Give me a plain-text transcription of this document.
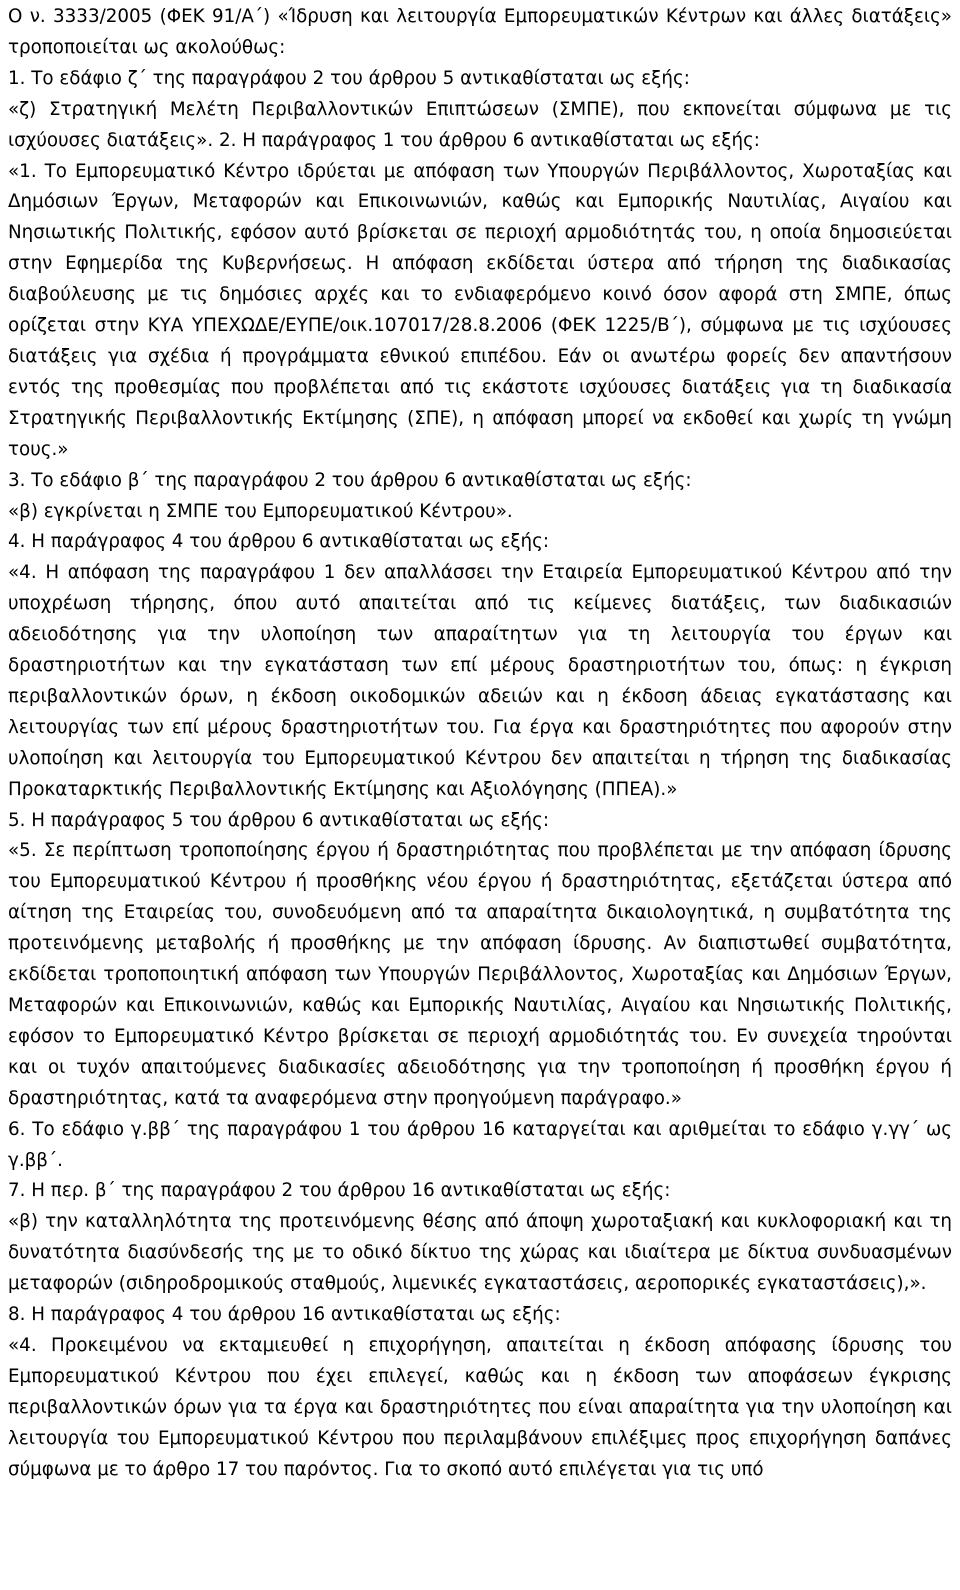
Ο ν. 3333/2005 (ΦΕΚ 91/Α΄) «Ίδρυση και λειτουργία Εμπορευματικών Κέντρων και άλλες διατάξεις» τροποποιείται ως ακολούθως:

1. Το εδάφιο ζ΄ της παραγράφου 2 του άρθρου 5 αντικαθίσταται ως εξής:

«ζ) Στρατηγική Μελέτη Περιβαλλοντικών Επιπτώσεων (ΣΜΠΕ), που εκπονείται σύμφωνα με τις ισχύουσες διατάξεις». 2. Η παράγραφος 1 του άρθρου 6 αντικαθίσταται ως εξής:

«1. Το Εμπορευματικό Κέντρο ιδρύεται με απόφαση των Υπουργών Περιβάλλοντος, Χωροταξίας και Δημόσιων Έργων, Μεταφορών και Επικοινωνιών, καθώς και Εμπορικής Ναυτιλίας, Αιγαίου και Νησιωτικής Πολιτικής, εφόσον αυτό βρίσκεται σε περιοχή αρμοδιότητάς του, η οποία δημοσιεύεται στην Εφημερίδα της Κυβερνήσεως. Η απόφαση εκδίδεται ύστερα από τήρηση της διαδικασίας διαβούλευσης με τις δημόσιες αρχές και το ενδιαφερόμενο κοινό όσον αφορά στη ΣΜΠΕ, όπως ορίζεται στην ΚΥΑ ΥΠΕΧΩΔΕ/ΕΥΠΕ/οικ.107017/28.8.2006 (ΦΕΚ 1225/Β΄), σύμφωνα με τις ισχύουσες διατάξεις για σχέδια ή προγράμματα εθνικού επιπέδου. Εάν οι ανωτέρω φορείς δεν απαντήσουν εντός της προθεσμίας που προβλέπεται από τις εκάστοτε ισχύουσες διατάξεις για τη διαδικασία Στρατηγικής Περιβαλλοντικής Εκτίμησης (ΣΠΕ), η απόφαση μπορεί να εκδοθεί και χωρίς τη γνώμη τους.»

3. Το εδάφιο β΄ της παραγράφου 2 του άρθρου 6 αντικαθίσταται ως εξής:

«β) εγκρίνεται η ΣΜΠΕ του Εμπορευματικού Κέντρου».

4. Η παράγραφος 4 του άρθρου 6 αντικαθίσταται ως εξής:

«4. Η απόφαση της παραγράφου 1 δεν απαλλάσσει την Εταιρεία Εμπορευματικού Κέντρου από την υποχρέωση τήρησης, όπου αυτό απαιτείται από τις κείμενες διατάξεις, των διαδικασιών αδειοδότησης για την υλοποίηση των απαραίτητων για τη λειτουργία του έργων και δραστηριοτήτων και την εγκατάσταση των επί μέρους δραστηριοτήτων του, όπως: η έγκριση περιβαλλοντικών όρων, η έκδοση οικοδομικών αδειών και η έκδοση άδειας εγκατάστασης και λειτουργίας των επί μέρους δραστηριοτήτων του. Για έργα και δραστηριότητες που αφορούν στην υλοποίηση και λειτουργία του Εμπορευματικού Κέντρου δεν απαιτείται η τήρηση της διαδικασίας Προκαταρκτικής Περιβαλλοντικής Εκτίμησης και Αξιολόγησης (ΠΠΕΑ).»

5. Η παράγραφος 5 του άρθρου 6 αντικαθίσταται ως εξής:

«5. Σε περίπτωση τροποποίησης έργου ή δραστηριότητας που προβλέπεται με την απόφαση ίδρυσης του Εμπορευματικού Κέντρου ή προσθήκης νέου έργου ή δραστηριότητας, εξετάζεται ύστερα από αίτηση της Εταιρείας του, συνοδευόμενη από τα απαραίτητα δικαιολογητικά, η συμβατότητα της προτεινόμενης μεταβολής ή προσθήκης με την απόφαση ίδρυσης. Αν διαπιστωθεί συμβατότητα, εκδίδεται τροποποιητική απόφαση των Υπουργών Περιβάλλοντος, Χωροταξίας και Δημόσιων Έργων, Μεταφορών και Επικοινωνιών, καθώς και Εμπορικής Ναυτιλίας, Αιγαίου και Νησιωτικής Πολιτικής, εφόσον το Εμπορευματικό Κέντρο βρίσκεται σε περιοχή αρμοδιότητάς του. Εν συνεχεία τηρούνται και οι τυχόν απαιτούμενες διαδικασίες αδειοδότησης για την τροποποίηση ή προσθήκη έργου ή δραστηριότητας, κατά τα αναφερόμενα στην προηγούμενη παράγραφο.»

6. Το εδάφιο γ.ββ΄ της παραγράφου 1 του άρθρου 16 καταργείται και αριθμείται το εδάφιο γ.γγ΄ ως γ.ββ΄.

7. Η περ. β΄ της παραγράφου 2 του άρθρου 16 αντικαθίσταται ως εξής:

«β) την καταλληλότητα της προτεινόμενης θέσης από άποψη χωροταξιακή και κυκλοφοριακή και τη δυνατότητα διασύνδεσής της με το οδικό δίκτυο της χώρας και ιδιαίτερα με δίκτυα συνδυασμένων μεταφορών (σιδηροδρομικούς σταθμούς, λιμενικές εγκαταστάσεις, αεροπορικές εγκαταστάσεις),».

8. Η παράγραφος 4 του άρθρου 16 αντικαθίσταται ως εξής:

«4. Προκειμένου να εκταμιευθεί η επιχορήγηση, απαιτείται η έκδοση απόφασης ίδρυσης του Εμπορευματικού Κέντρου που έχει επιλεγεί, καθώς και η έκδοση των αποφάσεων έγκρισης περιβαλλοντικών όρων για τα έργα και δραστηριότητες που είναι απαραίτητα για την υλοποίηση και λειτουργία του Εμπορευματικού Κέντρου που περιλαμβάνουν επιλέξιμες προς επιχορήγηση δαπάνες σύμφωνα με το άρθρο 17 του παρόντος. Για το σκοπό αυτό επιλέγεται για τις υπό
